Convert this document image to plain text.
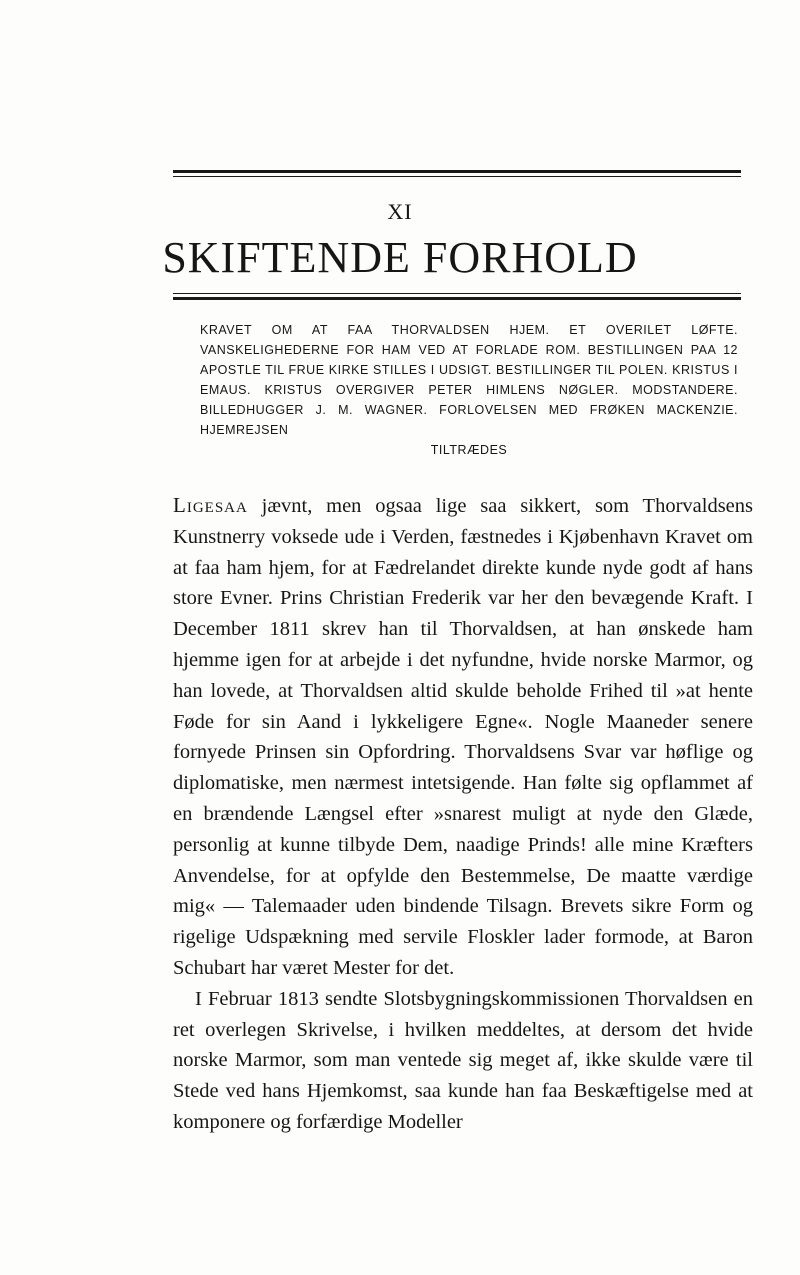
XI
SKIFTENDE FORHOLD
KRAVET OM AT FAA THORVALDSEN HJEM. ET OVERILET LØFTE. VANSKELIGHEDERNE FOR HAM VED AT FORLADE ROM. BESTILLINGEN PAA 12 APOSTLE TIL FRUE KIRKE STILLES I UDSIGT. BESTILLINGER TIL POLEN. KRISTUS I EMAUS. KRISTUS OVERGIVER PETER HIMLENS NØGLER. MODSTANDERE. BILLEDHUGGER J. M. WAGNER. FORLOVELSEN MED FRØKEN MACKENZIE. HJEMREJSEN
TILTRÆDES

Ligesaa jævnt, men ogsaa lige saa sikkert, som Thorvaldsens Kunstnerry voksede ude i Verden, fæstnedes i Kjøbenhavn Kravet om at faa ham hjem, for at Fædrelandet direkte kunde nyde godt af hans store Evner. Prins Christian Frederik var her den bevægende Kraft. I December 1811 skrev han til Thorvaldsen, at han ønskede ham hjemme igen for at arbejde i det nyfundne, hvide norske Marmor, og han lovede, at Thorvaldsen altid skulde beholde Frihed til »at hente Føde for sin Aand i lykkeligere Egne«. Nogle Maaneder senere fornyede Prinsen sin Opfordring. Thorvaldsens Svar var høflige og diplomatiske, men nærmest intetsigende. Han følte sig opflammet af en brændende Længsel efter »snarest muligt at nyde den Glæde, personlig at kunne tilbyde Dem, naadige Prinds! alle mine Kræfters Anvendelse, for at opfylde den Bestemmelse, De maatte værdige mig« — Talemaader uden bindende Tilsagn. Brevets sikre Form og rigelige Udspækning med servile Floskler lader formode, at Baron Schubart har været Mester for det.

I Februar 1813 sendte Slotsbygningskommissionen Thorvaldsen en ret overlegen Skrivelse, i hvilken meddeltes, at dersom det hvide norske Marmor, som man ventede sig meget af, ikke skulde være til Stede ved hans Hjemkomst, saa kunde han faa Beskæftigelse med at komponere og forfærdige Modeller
